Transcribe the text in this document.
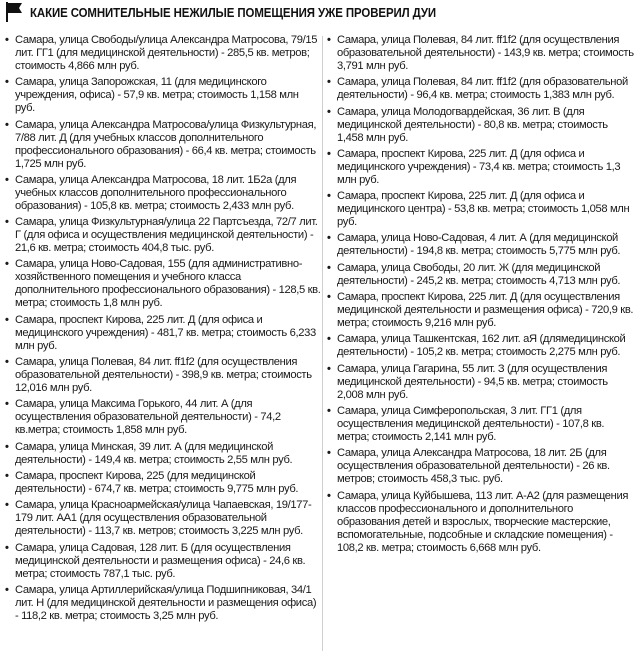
КАКИЕ СОМНИТЕЛЬНЫЕ НЕЖИЛЫЕ ПОМЕЩЕНИЯ УЖЕ ПРОВЕРИЛ ДУИ
• Самара, улица Свободы/улица Александра Матросова, 79/15 лит. ГГ1 (для медицинской деятельности) - 285,5 кв. метров; стоимость 4,866 млн руб.
• Самара, улица Запорожская, 11 (для медицинского учреждения, офиса) - 57,9 кв. метра; стоимость 1,158 млн руб.
• Самара, улица Александра Матросова/улица Физкультурная, 7/88 лит. Д (для учебных классов дополнительного профессионального образования) - 66,4 кв. метра; стоимость 1,725 млн руб.
• Самара, улица Александра Матросова, 18 лит. 1Б2а (для учебных классов дополнительного профессионального образования) - 105,8 кв. метра; стоимость 2,433 млн руб.
• Самара, улица Физкультурная/улица 22 Партсъезда, 72/7 лит. Г (для офиса и осуществления медицинской деятельности) - 21,6 кв. метра; стоимость 404,8 тыс. руб.
• Самара, улица Ново-Садовая, 155 (для административно-хозяйственного помещения и учебного класса дополнительного профессионального образования) - 128,5 кв. метра; стоимость 1,8 млн руб.
• Самара, проспект Кирова, 225 лит. Д (для офиса и медицинского учреждения) - 481,7 кв. метра; стоимость 6,233 млн руб.
• Самара, улица Полевая, 84 лит. ff1f2 (для осуществления образовательной деятельности) - 398,9 кв. метра; стоимость 12,016 млн руб.
• Самара, улица Максима Горького, 44 лит. А (для осуществления образовательной деятельности) - 74,2 кв.метра; стоимость 1,858 млн руб.
• Самара, улица Минская, 39 лит. А (для медицинской деятельности) - 149,4 кв. метра; стоимость 2,55 млн руб.
• Самара, проспект Кирова, 225 (для медицинской деятельности) - 674,7 кв. метра; стоимость 9,775 млн руб.
• Самара, улица Красноармейская/улица Чапаевская, 19/177-179 лит. АА1 (для осуществления образовательной деятельности) - 113,7 кв. метров; стоимость 3,225 млн руб.
• Самара, улица Садовая, 128 лит. Б (для осуществления медицинской деятельности и размещения офиса) - 24,6 кв. метра; стоимость 787,1 тыс. руб.
• Самара, улица Артиллерийская/улица Подшипниковая, 34/1 лит. Н (для медицинской деятельности и размещения офиса) - 118,2 кв. метра; стоимость 3,25 млн руб.
• Самара, улица Полевая, 84 лит. ff1f2 (для осуществления образовательной деятельности) - 143,9 кв. метра; стоимость 3,791 млн руб.
• Самара, улица Полевая, 84 лит. ff1f2 (для образовательной деятельности) - 96,4 кв. метра; стоимость 1,383 млн руб.
• Самара, улица Молодогвардейская, 36 лит. В (для медицинской деятельности) - 80,8 кв. метра; стоимость 1,458 млн руб.
• Самара, проспект Кирова, 225 лит. Д (для офиса и медицинского учреждения) - 73,4 кв. метра; стоимость 1,3 млн руб.
• Самара, проспект Кирова, 225 лит. Д (для офиса и медицинского центра) - 53,8 кв. метра; стоимость 1,058 млн руб.
• Самара, улица Ново-Садовая, 4 лит. А (для медицинской деятельности) - 194,8 кв. метра; стоимость 5,775 млн руб.
• Самара, улица Свободы, 20 лит. Ж (для медицинской деятельности) - 245,2 кв. метра; стоимость 4,713 млн руб.
• Самара, проспект Кирова, 225 лит. Д (для осуществления медицинской деятельности и размещения офиса) - 720,9 кв. метра; стоимость 9,216 млн руб.
• Самара, улица Ташкентская, 162 лит. аЯ (длямедицинской деятельности) - 105,2 кв. метра; стоимость 2,275 млн руб.
• Самара, улица Гагарина, 55 лит. З (для осуществления медицинской деятельности) - 94,5 кв. метра; стоимость 2,008 млн руб.
• Самара, улица Симферопольская, 3 лит. ГГ1 (для осуществления медицинской деятельности) - 107,8 кв. метра; стоимость 2,141 млн руб.
• Самара, улица Александра Матросова, 18 лит. 2Б (для осуществления образовательной деятельности) - 26 кв. метров; стоимость 458,3 тыс. руб.
• Самара, улица Куйбышева, 113 лит. А-А2 (для размещения классов профессионального и дополнительного образования детей и взрослых, творческие мастерские, вспомогательные, подсобные и складские помещения) - 108,2 кв. метра; стоимость 6,668 млн руб.
